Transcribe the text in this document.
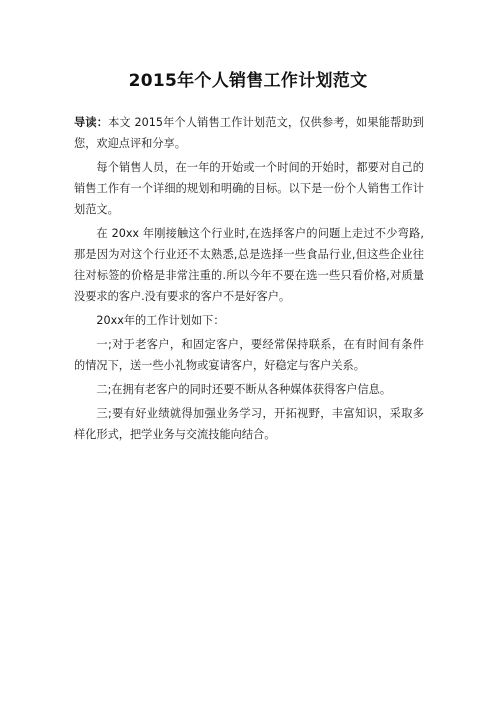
2015年个人销售工作计划范文

导读：本文 2015年个人销售工作计划范文，仅供参考，如果能帮助到您，欢迎点评和分享。

每个销售人员，在一年的开始或一个时间的开始时，都要对自己的销售工作有一个详细的规划和明确的目标。以下是一份个人销售工作计划范文。

在 20xx 年刚接触这个行业时,在选择客户的问题上走过不少弯路,那是因为对这个行业还不太熟悉,总是选择一些食品行业,但这些企业往往对标签的价格是非常注重的.所以今年不要在选一些只看价格,对质量没要求的客户.没有要求的客户不是好客户。

20xx年的工作计划如下：

一;对于老客户，和固定客户，要经常保持联系，在有时间有条件的情况下，送一些小礼物或宴请客户，好稳定与客户关系。

二;在拥有老客户的同时还要不断从各种媒体获得客户信息。

三;要有好业绩就得加强业务学习，开拓视野，丰富知识，采取多样化形式，把学业务与交流技能向结合。
